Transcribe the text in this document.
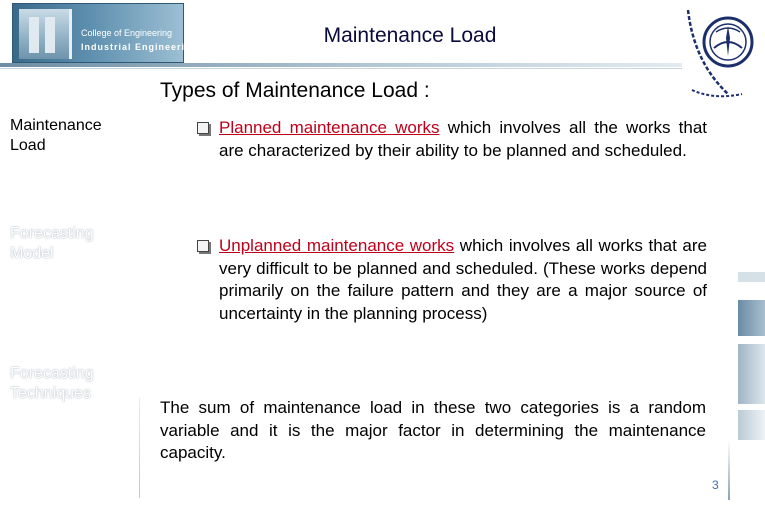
College of Engineering
Industrial Engineering	Maintenance Load
Maintenance Load
Forecasting Model
Forecasting Techniques
Types of Maintenance Load :
Planned maintenance works which involves all the works that are characterized by their ability to be planned and scheduled.
Unplanned maintenance works which involves all works that are very difficult to be planned and scheduled. (These works depend primarily on the failure pattern and they are a major source of uncertainty in the planning process)
The sum of maintenance load in these two categories is a random variable and it is the major factor in determining the maintenance capacity.
3
